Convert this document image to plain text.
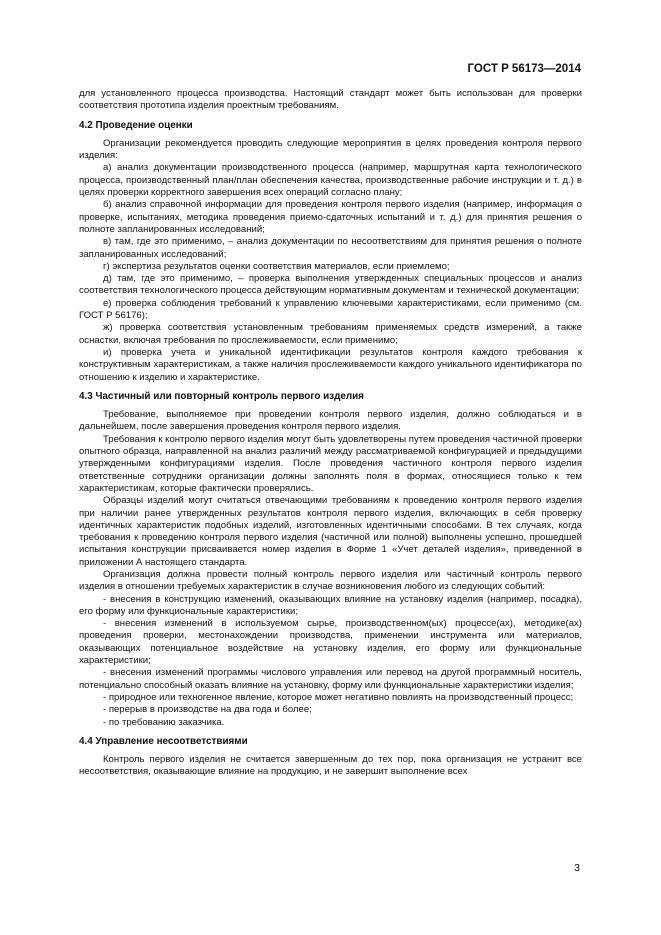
ГОСТ Р 56173—2014

для установленного процесса производства. Настоящий стандарт может быть использован для проверки соответствия прототипа изделия проектным требованиям.

4.2 Проведение оценки

Организации рекомендуется проводить следующие мероприятия в целях проведения контроля первого изделия:

а) анализ документации производственного процесса (например, маршрутная карта технологического процесса, производственный план/план обеспечения качества, производственные рабочие инструкции и т. д.) в целях проверки корректного завершения всех операций согласно плану;

б) анализ справочной информации для проведения контроля первого изделия (например, информация о проверке, испытаниях, методика проведения приемо-сдаточных испытаний и т. д.) для принятия решения о полноте запланированных исследований;

в) там, где это применимо, – анализ документации по несоответствиям для принятия решения о полноте запланированных исследований;

г) экспертиза результатов оценки соответствия материалов, если приемлемо;

д) там, где это применимо, – проверка выполнения утвержденных специальных процессов и анализ соответствия технологического процесса действующим нормативным документам и технической документации;

е) проверка соблюдения требований к управлению ключевыми характеристиками, если применимо (см. ГОСТ Р 56176);

ж) проверка соответствия установленным требованиям применяемых средств измерений, а также оснастки, включая требования по прослеживаемости, если применимо;

и) проверка учета и уникальной идентификации результатов контроля каждого требования к конструктивным характеристикам, а также наличия прослеживаемости каждого уникального идентификатора по отношению к изделию и характеристике.

4.3 Частичный или повторный контроль первого изделия

Требование, выполняемое при проведении контроля первого изделия, должно соблюдаться и в дальнейшем, после завершения проведения контроля первого изделия.

Требования к контролю первого изделия могут быть удовлетворены путем проведения частичной проверки опытного образца, направленной на анализ различий между рассматриваемой конфигурацией и предыдущими утвержденными конфигурациями изделия. После проведения частичного контроля первого изделия ответственные сотрудники организации должны заполнять поля в формах, относящиеся только к тем характеристикам, которые фактически проверялись.

Образцы изделий могут считаться отвечающими требованиям к проведению контроля первого изделия при наличии ранее утвержденных результатов контроля первого изделия, включающих в себя проверку идентичных характеристик подобных изделий, изготовленных идентичными способами. В тех случаях, когда требования к проведению контроля первого изделия (частичной или полной) выполнены успешно, прошедшей испытания конструкции присваивается номер изделия в Форме 1 «Учет деталей изделия», приведенной в приложении А настоящего стандарта.

Организация должна провести полный контроль первого изделия или частичный контроль первого изделия в отношении требуемых характеристик в случае возникновения любого из следующих событий:

- внесения в конструкцию изменений, оказывающих влияние на установку изделия (например, посадка), его форму или функциональные характеристики;

- внесения изменений в используемом сырье, производственном(ых) процессе(ах), методике(ах) проведения проверки, местонахождении производства, применении инструмента или материалов, оказывающих потенциальное воздействие на установку изделия, его форму или функциональные характеристики;

- внесения изменений программы числового управления или перевод на другой программный носитель, потенциально способный оказать влияние на установку, форму или функциональные характеристики изделия;

- природное или техногенное явление, которое может негативно повлиять на производственный процесс;

- перерыв в производстве на два года и более;

- по требованию заказчика.

4.4 Управление несоответствиями

Контроль первого изделия не считается завершенным до тех пор, пока организация не устранит все несоответствия, оказывающие влияние на продукцию, и не завершит выполнение всех

3
